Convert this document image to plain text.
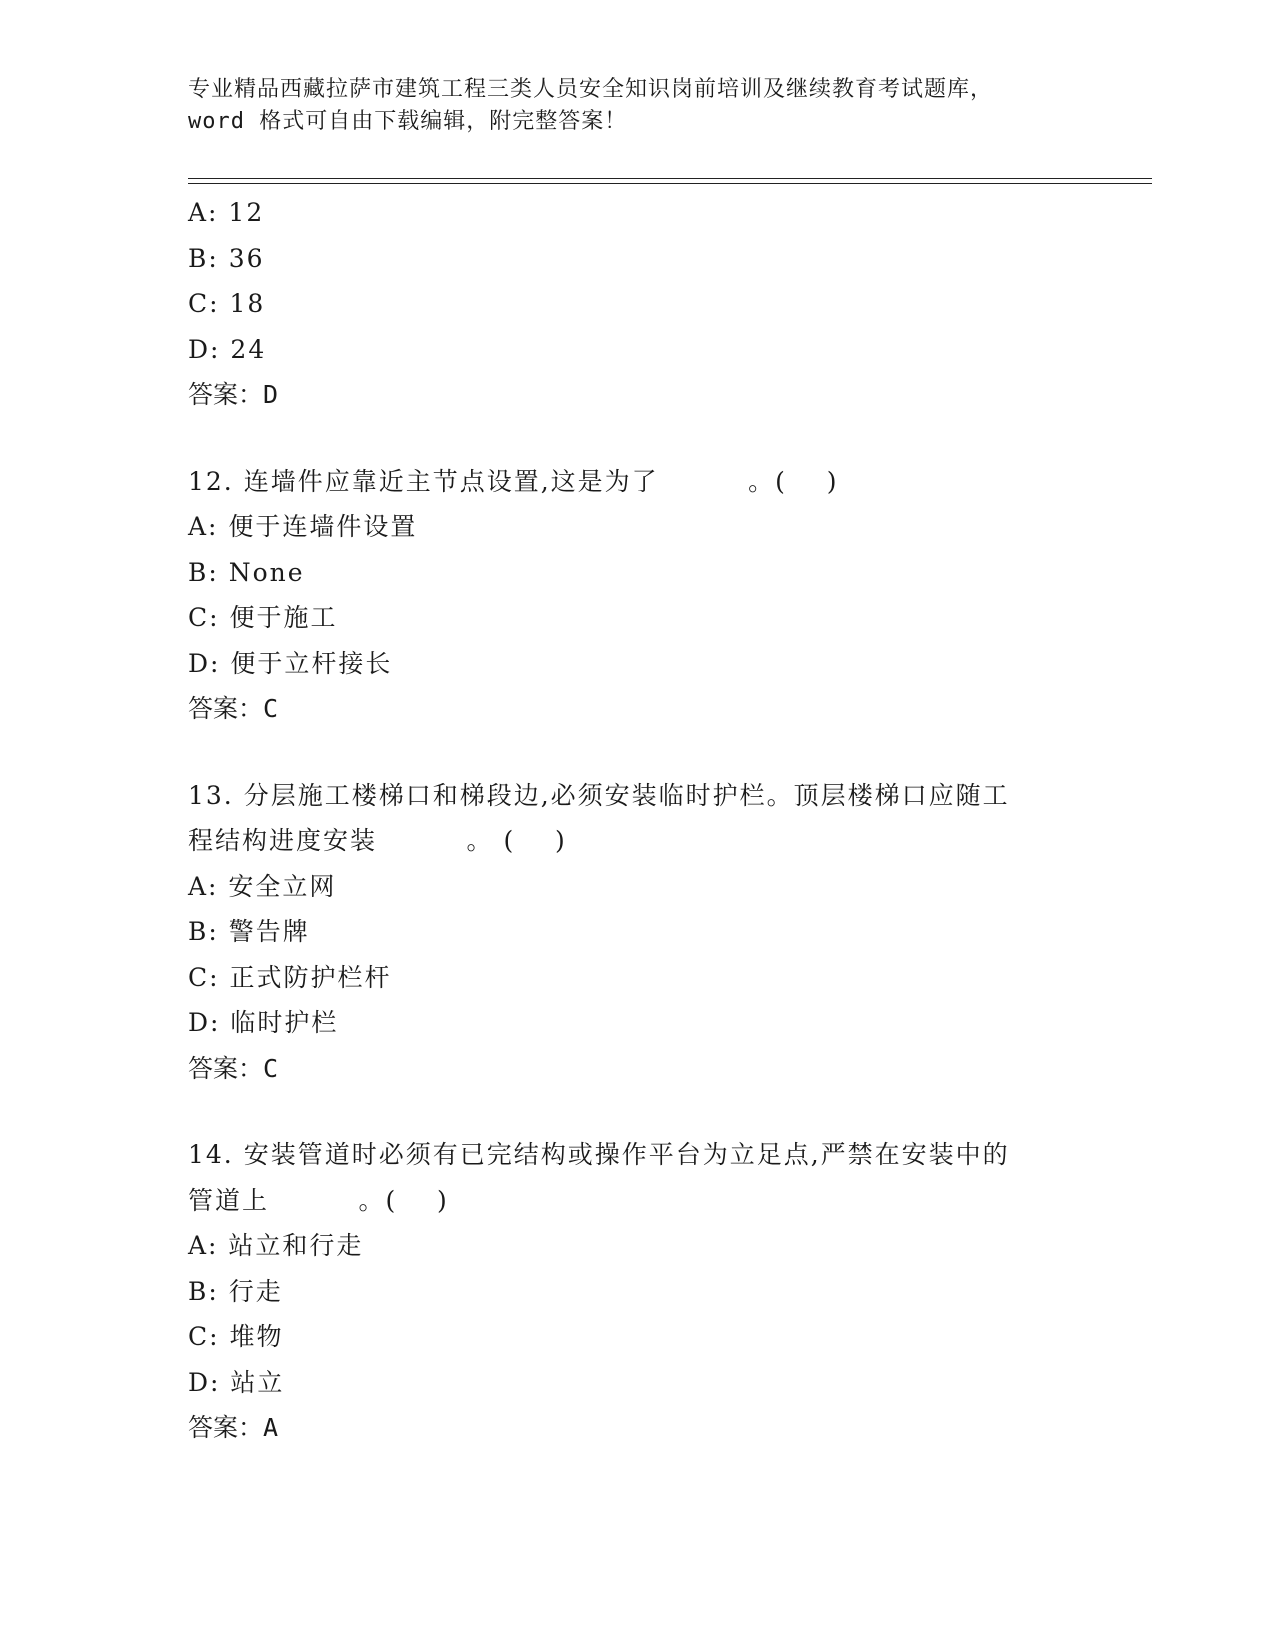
专业精品西藏拉萨市建筑工程三类人员安全知识岗前培训及继续教育考试题库，
word 格式可自由下载编辑，附完整答案！
A: 12
B: 36
C: 18
D: 24
答案：D
12. 连墙件应靠近主节点设置,这是为了         。(    )
A: 便于连墙件设置
B: None
C: 便于施工
D: 便于立杆接长
答案：C
13. 分层施工楼梯口和梯段边,必须安装临时护栏。顶层楼梯口应随工
程结构进度安装         。 (    )
A: 安全立网
B: 警告牌
C: 正式防护栏杆
D: 临时护栏
答案：C
14. 安装管道时必须有已完结构或操作平台为立足点,严禁在安装中的
管道上         。(    )
A: 站立和行走
B: 行走
C: 堆物
D: 站立
答案：A
